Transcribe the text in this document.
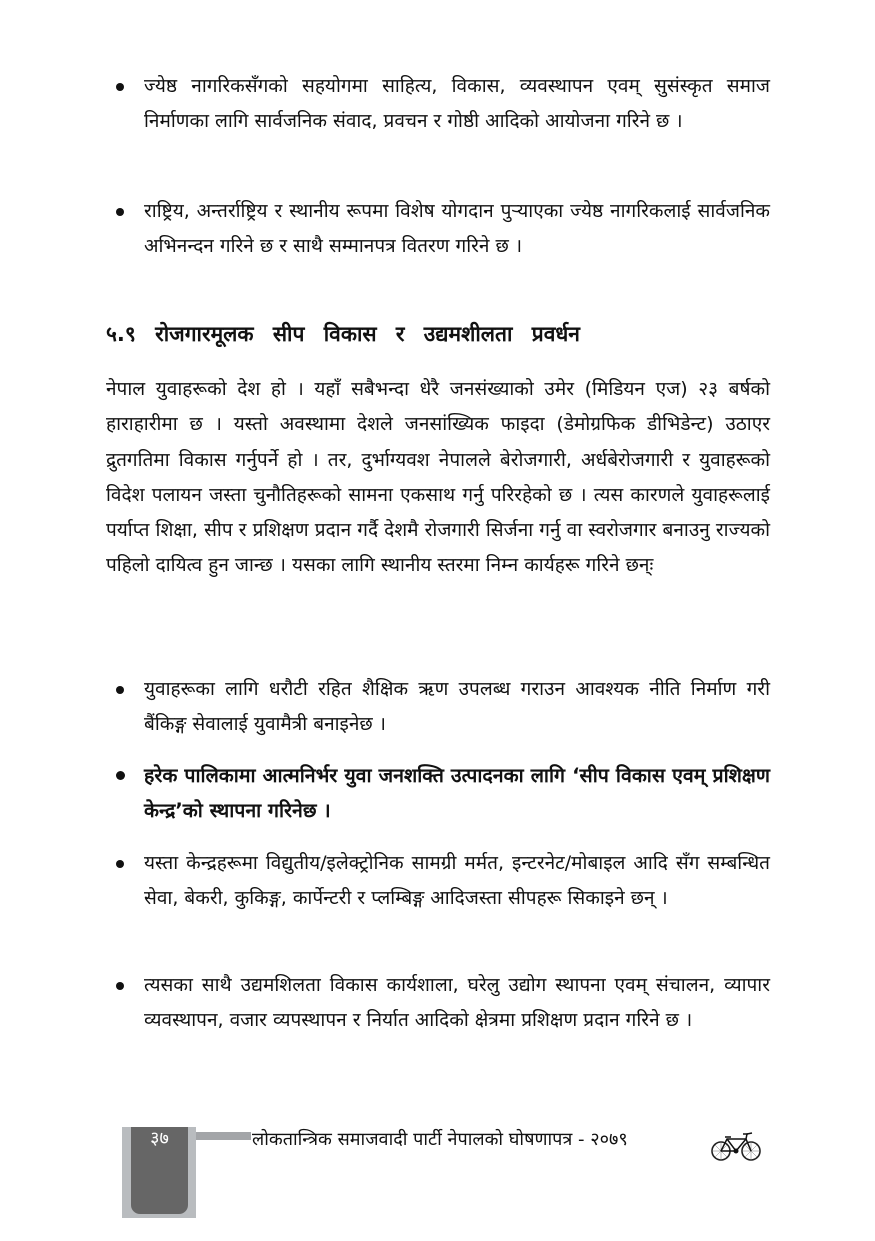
ज्येष्ठ नागरिकसँगको सहयोगमा साहित्य, विकास, व्यवस्थापन एवम् सुसंस्कृत समाज निर्माणका लागि सार्वजनिक संवाद, प्रवचन र गोष्ठी आदिको आयोजना गरिने छ ।
राष्ट्रिय, अन्तर्राष्ट्रिय र स्थानीय रूपमा विशेष योगदान पुऱ्याएका ज्येष्ठ नागरिकलाई सार्वजनिक अभिनन्दन गरिने छ र साथै सम्मानपत्र वितरण गरिने छ ।
५.९ रोजगारमूलक सीप विकास र उद्यमशीलता प्रवर्धन
नेपाल युवाहरूको देश हो । यहाँ सबैभन्दा धेरै जनसंख्याको उमेर (मिडियन एज) २३ बर्षको हाराहारीमा छ । यस्तो अवस्थामा देशले जनसांख्यिक फाइदा (डेमोग्रफिक डीभिडेन्ट) उठाएर द्रुतगतिमा विकास गर्नुपर्ने हो । तर, दुर्भाग्यवश नेपालले बेरोजगारी, अर्धबेरोजगारी र युवाहरूको विदेश पलायन जस्ता चुनौतिहरूको सामना एकसाथ गर्नु परिरहेको छ । त्यस कारणले युवाहरूलाई पर्याप्त शिक्षा, सीप र प्रशिक्षण प्रदान गर्दै देशमै रोजगारी सिर्जना गर्नु वा स्वरोजगार बनाउनु राज्यको पहिलो दायित्व हुन जान्छ । यसका लागि स्थानीय स्तरमा निम्न कार्यहरू गरिने छन्ः
युवाहरूका लागि धरौटी रहित शैक्षिक ऋण उपलब्ध गराउन आवश्यक नीति निर्माण गरी बैंकिङ्ग सेवालाई युवामैत्री बनाइनेछ ।
हरेक पालिकामा आत्मनिर्भर युवा जनशक्ति उत्पादनका लागि ‘सीप विकास एवम् प्रशिक्षण केन्द्र’को स्थापना गरिनेछ ।
यस्ता केन्द्रहरूमा विद्युतीय/इलेक्ट्रोनिक सामग्री मर्मत, इन्टरनेट/मोबाइल आदि सँग सम्बन्धित सेवा, बेकरी, कुकिङ्ग, कार्पेन्टरी र प्लम्बिङ्ग आदिजस्ता सीपहरू सिकाइने छन् ।
त्यसका साथै उद्यमशिलता विकास कार्यशाला, घरेलु उद्योग स्थापना एवम् संचालन, व्यापार व्यवस्थापन, वजार व्यपस्थापन र निर्यात आदिको क्षेत्रमा प्रशिक्षण प्रदान गरिने छ ।
३७	लोकतान्त्रिक समाजवादी पार्टी नेपालको घोषणापत्र - २०७९
